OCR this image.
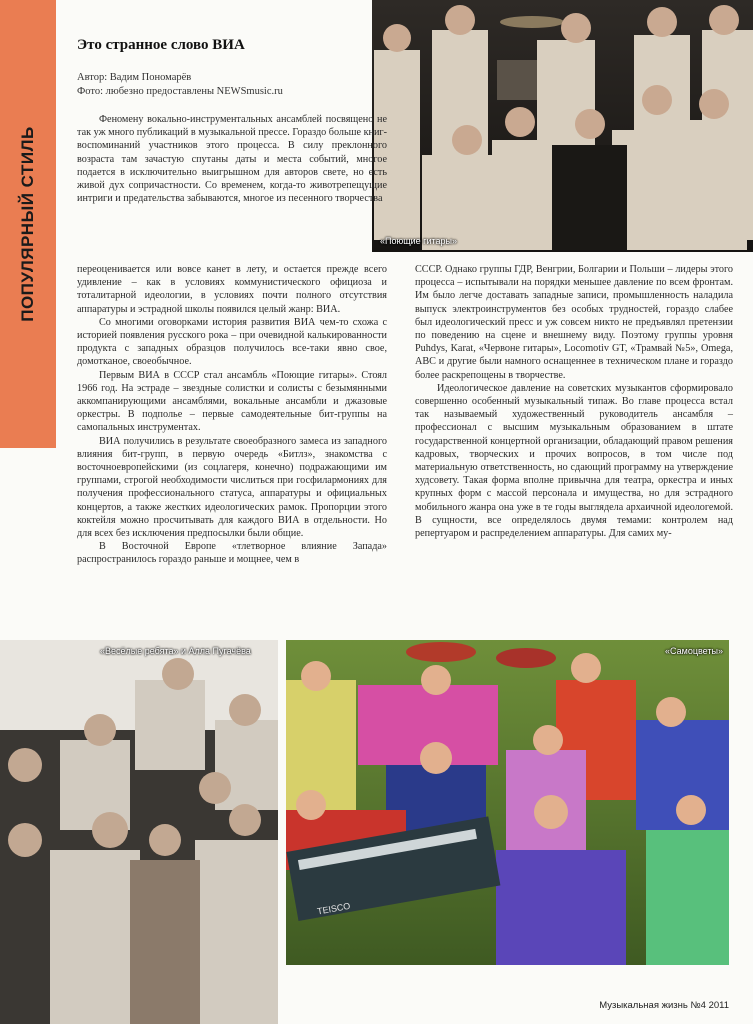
ПОПУЛЯРНЫЙ СТИЛЬ	«Поющие гитары»
Это странное слово ВИА
Автор: Вадим Пономарёв
Фото: любезно предоставлены NEWSmusic.ru

Феномену вокально-инструментальных ансамблей посвящено не так уж много публикаций в музыкальной прессе. Гораздо больше книг-воспоминаний участников этого процесса. В силу преклонного возраста там зачастую спутаны даты и места событий, многое подается в исключительно выигрышном для авторов свете, но есть живой дух сопричастности. Со временем, когда-то животрепещущие интриги и предательства забываются, многое из песенного творчества

переоценивается или вовсе канет в лету, и остается прежде всего удивление – как в условиях коммунистического официоза и тоталитарной идеологии, в условиях почти полного отсутствия аппаратуры и эстрадной школы появился целый жанр: ВИА.

Со многими оговорками история развития ВИА чем-то схожа с историей появления русского рока – при очевидной калькированности продукта с западных образцов получилось все-таки явно свое, домотканое, своеобычное.

Первым ВИА в СССР стал ансамбль «Поющие гитары». Стоял 1966 год. На эстраде – звездные солистки и солисты с безымянными аккомпанирующими ансамблями, вокальные ансамбли и джазовые оркестры. В подполье – первые самодеятельные бит-группы на самопальных инструментах.

ВИА получились в результате своеобразного замеса из западного влияния бит-групп, в первую очередь «Битлз», знакомства с восточноевропейскими (из соцлагеря, конечно) подражающими им группами, строгой необходимости числиться при госфилармониях для получения профессионального статуса, аппаратуры и официальных концертов, а также жестких идеологических рамок. Пропорции этого коктейля можно просчитывать для каждого ВИА в отдельности. Но для всех без исключения предпосылки были общие.

В Восточной Европе «тлетворное влияние Запада» распространилось гораздо раньше и мощнее, чем в

СССР. Однако группы ГДР, Венгрии, Болгарии и Польши – лидеры этого процесса – испытывали на порядки меньшее давление по всем фронтам. Им было легче доставать западные записи, промышленность наладила выпуск электроинструментов без особых трудностей, гораздо слабее был идеологический пресс и уж совсем никто не предъявлял претензии по поведению на сцене и внешнему виду. Поэтому группы уровня Puhdys, Karat, «Червоне гитары», Locomotiv GT, «Трамвай №5», Omega, ABC и другие были намного оснащеннее в техническом плане и гораздо более раскрепощены в творчестве.

Идеологическое давление на советских музыкантов сформировало совершенно особенный музыкальный типаж. Во главе процесса встал так называемый художественный руководитель ансамбля – профессионал с высшим музыкальным образованием в штате государственной концертной организации, обладающий правом решения кадровых, творческих и прочих вопросов, в том числе под материальную ответственность, но сдающий программу на утверждение худсовету. Такая форма вполне привычна для театра, оркестра и иных крупных форм с массой персонала и имущества, но для эстрадного мобильного жанра она уже в те годы выглядела архаичной идеологемой. В сущности, все определялось двумя темами: контролем над репертуаром и распределением аппаратуры. Для самих му-

«Весёлые ребята» и Алла Пугачёва
TEISCO
«Самоцветы»
Музыкальная жизнь №4 2011
